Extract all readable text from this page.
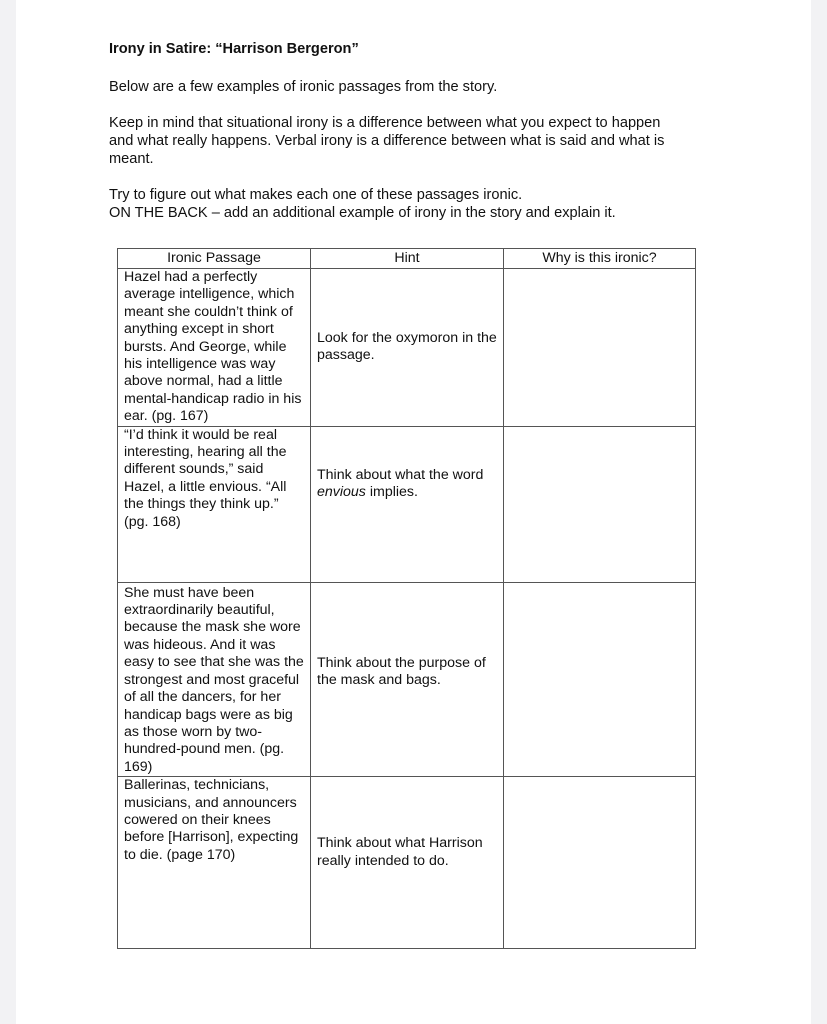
Irony in Satire: “Harrison Bergeron”
Below are a few examples of ironic passages from the story.
Keep in mind that situational irony is a difference between what you expect to happen
and what really happens. Verbal irony is a difference between what is said and what is
meant.
Try to figure out what makes each one of these passages ironic.
ON THE BACK – add an additional example of irony in the story and explain it.
Ironic Passage	Hint	Why is this ironic?
Hazel had a perfectly average intelligence, which meant she couldn’t think of anything except in short bursts. And George, while his intelligence was way above normal, had a little mental-handicap radio in his ear. (pg. 167)	Look for the oxymoron in the passage.	

“I’d think it would be real interesting, hearing all the different sounds,” said Hazel, a little envious. “All the things they think up.” (pg. 168)	Think about what the word envious implies.	

She must have been extraordinarily beautiful, because the mask she wore was hideous. And it was easy to see that she was the strongest and most graceful of all the dancers, for her handicap bags were as big as those worn by two-hundred-pound men. (pg. 169)	Think about the purpose of the mask and bags.	

Ballerinas, technicians, musicians, and announcers cowered on their knees before [Harrison], expecting to die. (page 170)	Think about what Harrison really intended to do.	
